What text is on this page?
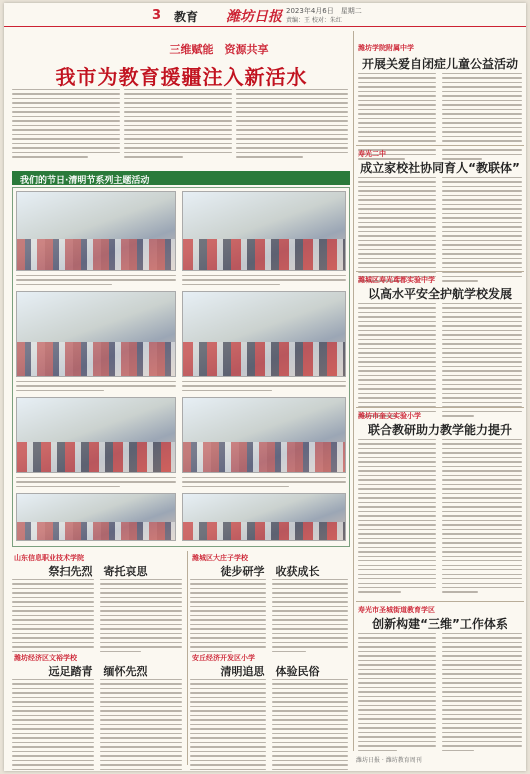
3 教育 潍坊日报 2023年4月6日　星期二
责编：王 校对：朱红
三维赋能　资源共享
我市为教育援疆注入新活水
我们的节日·清明节系列主题活动
山东信息职业技术学院
祭扫先烈　寄托哀思
潍坊经济区文裕学校
远足踏青　缅怀先烈
潍城区大庄子学校
徒步研学　收获成长
安丘经济开发区小学
清明追思　体验民俗
潍坊学院附属中学
开展关爱自闭症儿童公益活动
寿光二中
成立家校社协同育人“教联体”
潍城区寿光鸢都实验中学
以高水平安全护航学校发展
潍坊市奎文实验小学
联合教研助力教学能力提升
寿光市圣城街道教育学区
创新构建“三维”工作体系
潍坊日报 · 潍坊教育周刊
